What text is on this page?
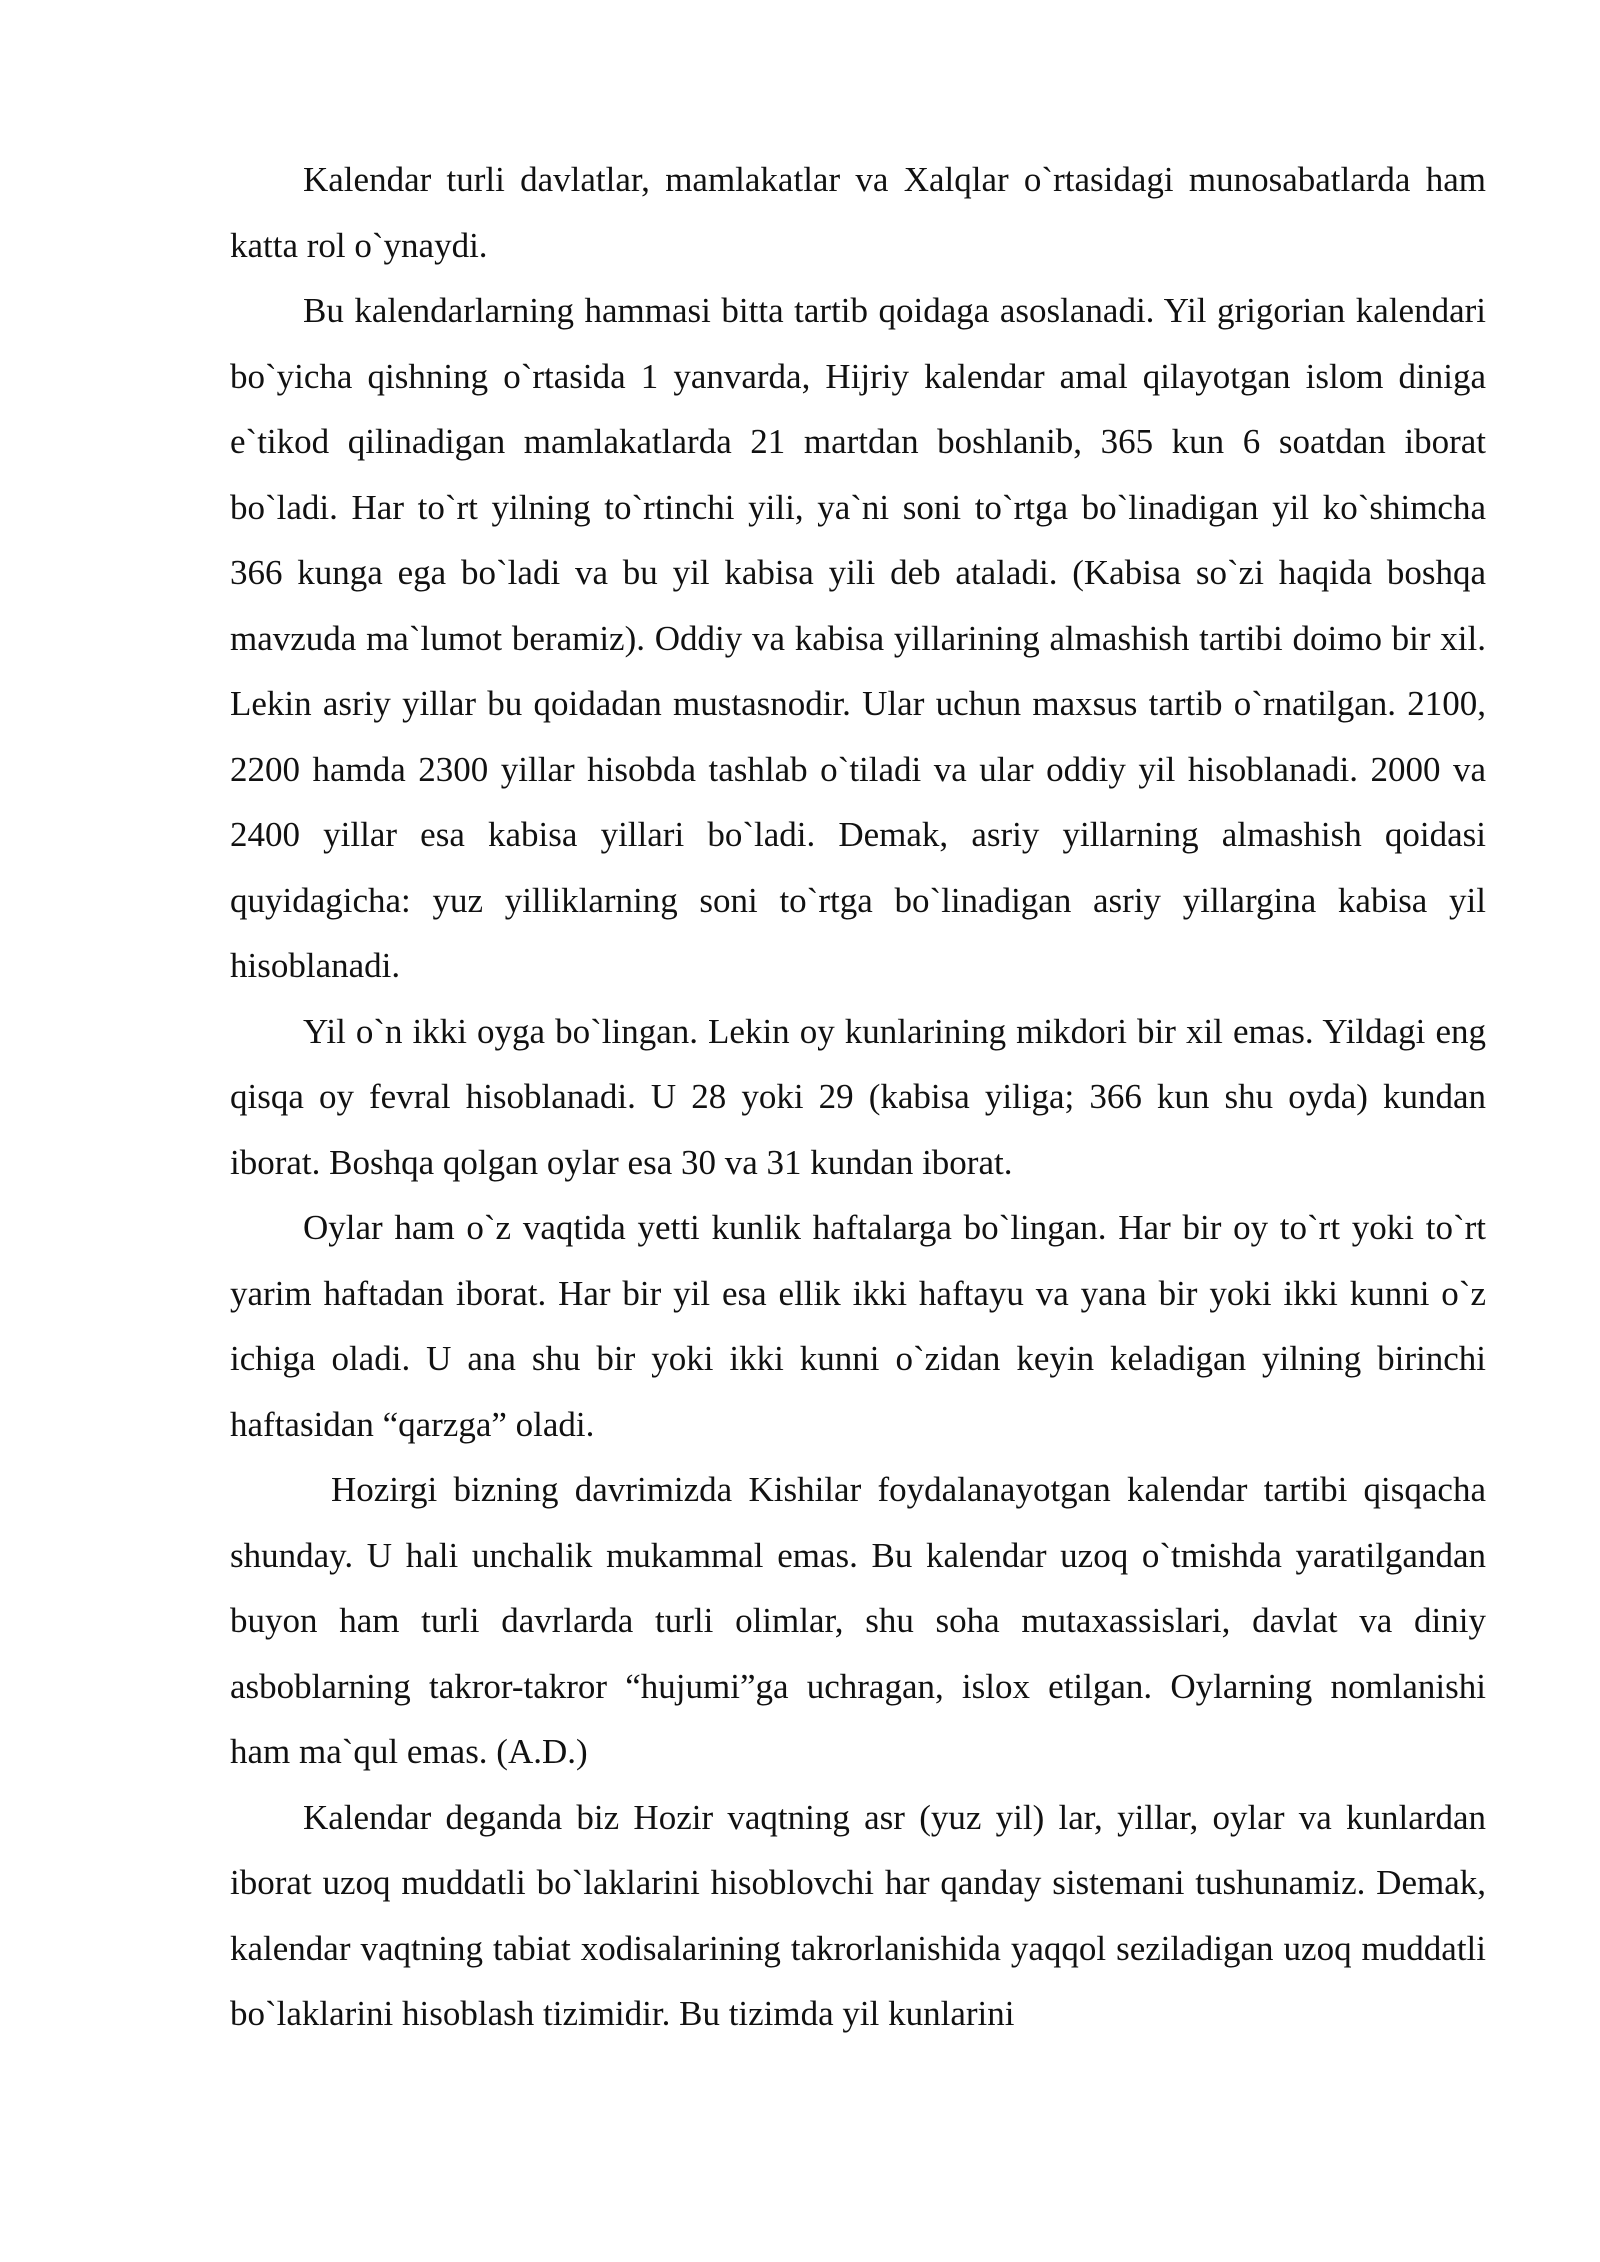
Kalendar turli davlatlar, mamlakatlar va Xalqlar o`rtasidagi munosabatlarda ham katta rol o`ynaydi.

Bu kalendarlarning hammasi bitta tartib qoidaga asoslanadi. Yil grigorian kalendari bo`yicha qishning o`rtasida 1 yanvarda, Hijriy kalendar amal qilayotgan islom diniga e`tikod qilinadigan mamlakatlarda 21 martdan boshlanib, 365 kun 6 soatdan iborat bo`ladi. Har to`rt yilning to`rtinchi yili, ya`ni soni to`rtga bo`linadigan yil ko`shimcha 366 kunga ega bo`ladi va bu yil kabisa yili deb ataladi. (Kabisa so`zi haqida boshqa mavzuda ma`lumot beramiz). Oddiy va kabisa yillarining almashish tartibi doimo bir xil. Lekin asriy yillar bu qoidadan mustasnodir. Ular uchun maxsus tartib o`rnatilgan. 2100, 2200 hamda 2300 yillar hisobda tashlab o`tiladi va ular oddiy yil hisoblanadi. 2000 va 2400 yillar esa kabisa yillari bo`ladi. Demak, asriy yillarning almashish qoidasi quyidagicha: yuz yilliklarning soni to`rtga bo`linadigan asriy yillargina kabisa yil hisoblanadi.

Yil o`n ikki oyga bo`lingan. Lekin oy kunlarining mikdori bir xil emas. Yildagi eng qisqa oy fevral hisoblanadi. U 28 yoki 29 (kabisa yiliga; 366 kun shu oyda) kundan iborat. Boshqa qolgan oylar esa 30 va 31 kundan iborat.

Oylar ham o`z vaqtida yetti kunlik haftalarga bo`lingan. Har bir oy to`rt yoki to`rt yarim haftadan iborat. Har bir yil esa ellik ikki haftayu va yana bir yoki ikki kunni o`z ichiga oladi. U ana shu bir yoki ikki kunni o`zidan keyin keladigan yilning birinchi haftasidan “qarzga” oladi.

Hozirgi bizning davrimizda Kishilar foydalanayotgan kalendar tartibi qisqacha shunday. U hali unchalik mukammal emas. Bu kalendar uzoq o`tmishda yaratilgandan buyon ham turli davrlarda turli olimlar, shu soha mutaxassislari, davlat va diniy asboblarning takror-takror “hujumi”ga uchragan, islox etilgan. Oylarning nomlanishi ham ma`qul emas. (A.D.)

Kalendar deganda biz Hozir vaqtning asr (yuz yil) lar, yillar, oylar va kunlardan iborat uzoq muddatli bo`laklarini hisoblovchi har qanday sistemani tushunamiz. Demak, kalendar vaqtning tabiat xodisalarining takrorlanishida yaqqol seziladigan uzoq muddatli bo`laklarini hisoblash tizimidir. Bu tizimda yil kunlarini
